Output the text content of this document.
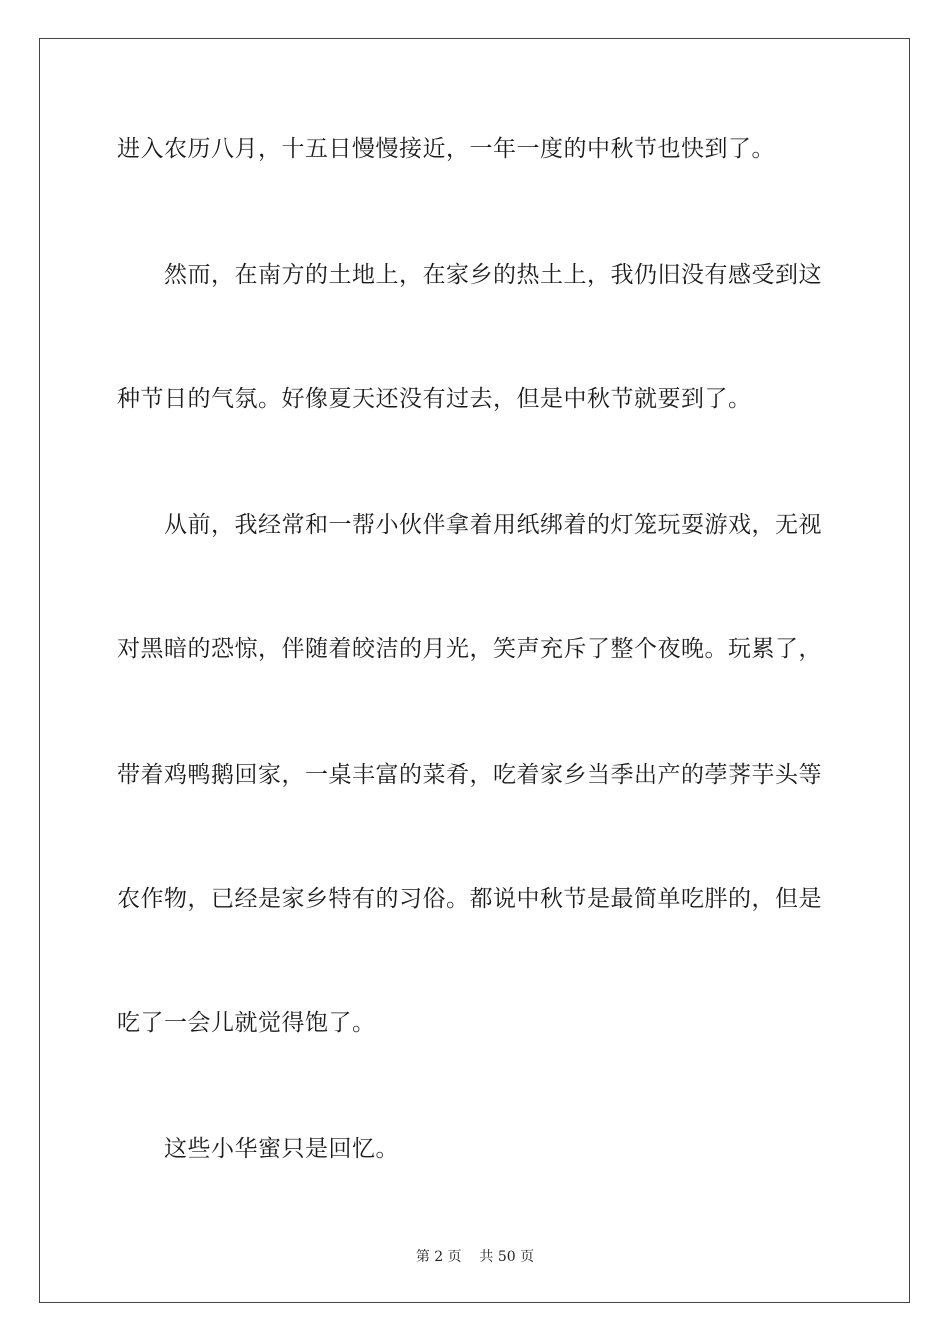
进入农历八月，十五日慢慢接近，一年一度的中秋节也快到了。
然而，在南方的土地上，在家乡的热土上，我仍旧没有感受到这
种节日的气氛。好像夏天还没有过去，但是中秋节就要到了。
从前，我经常和一帮小伙伴拿着用纸绑着的灯笼玩耍游戏，无视
对黑暗的恐惊，伴随着皎洁的月光，笑声充斥了整个夜晚。玩累了，
带着鸡鸭鹅回家，一桌丰富的菜肴，吃着家乡当季出产的荸荠芋头等
农作物，已经是家乡特有的习俗。都说中秋节是最简单吃胖的，但是
吃了一会儿就觉得饱了。
这些小华蜜只是回忆。
第 2 页    共 50 页
